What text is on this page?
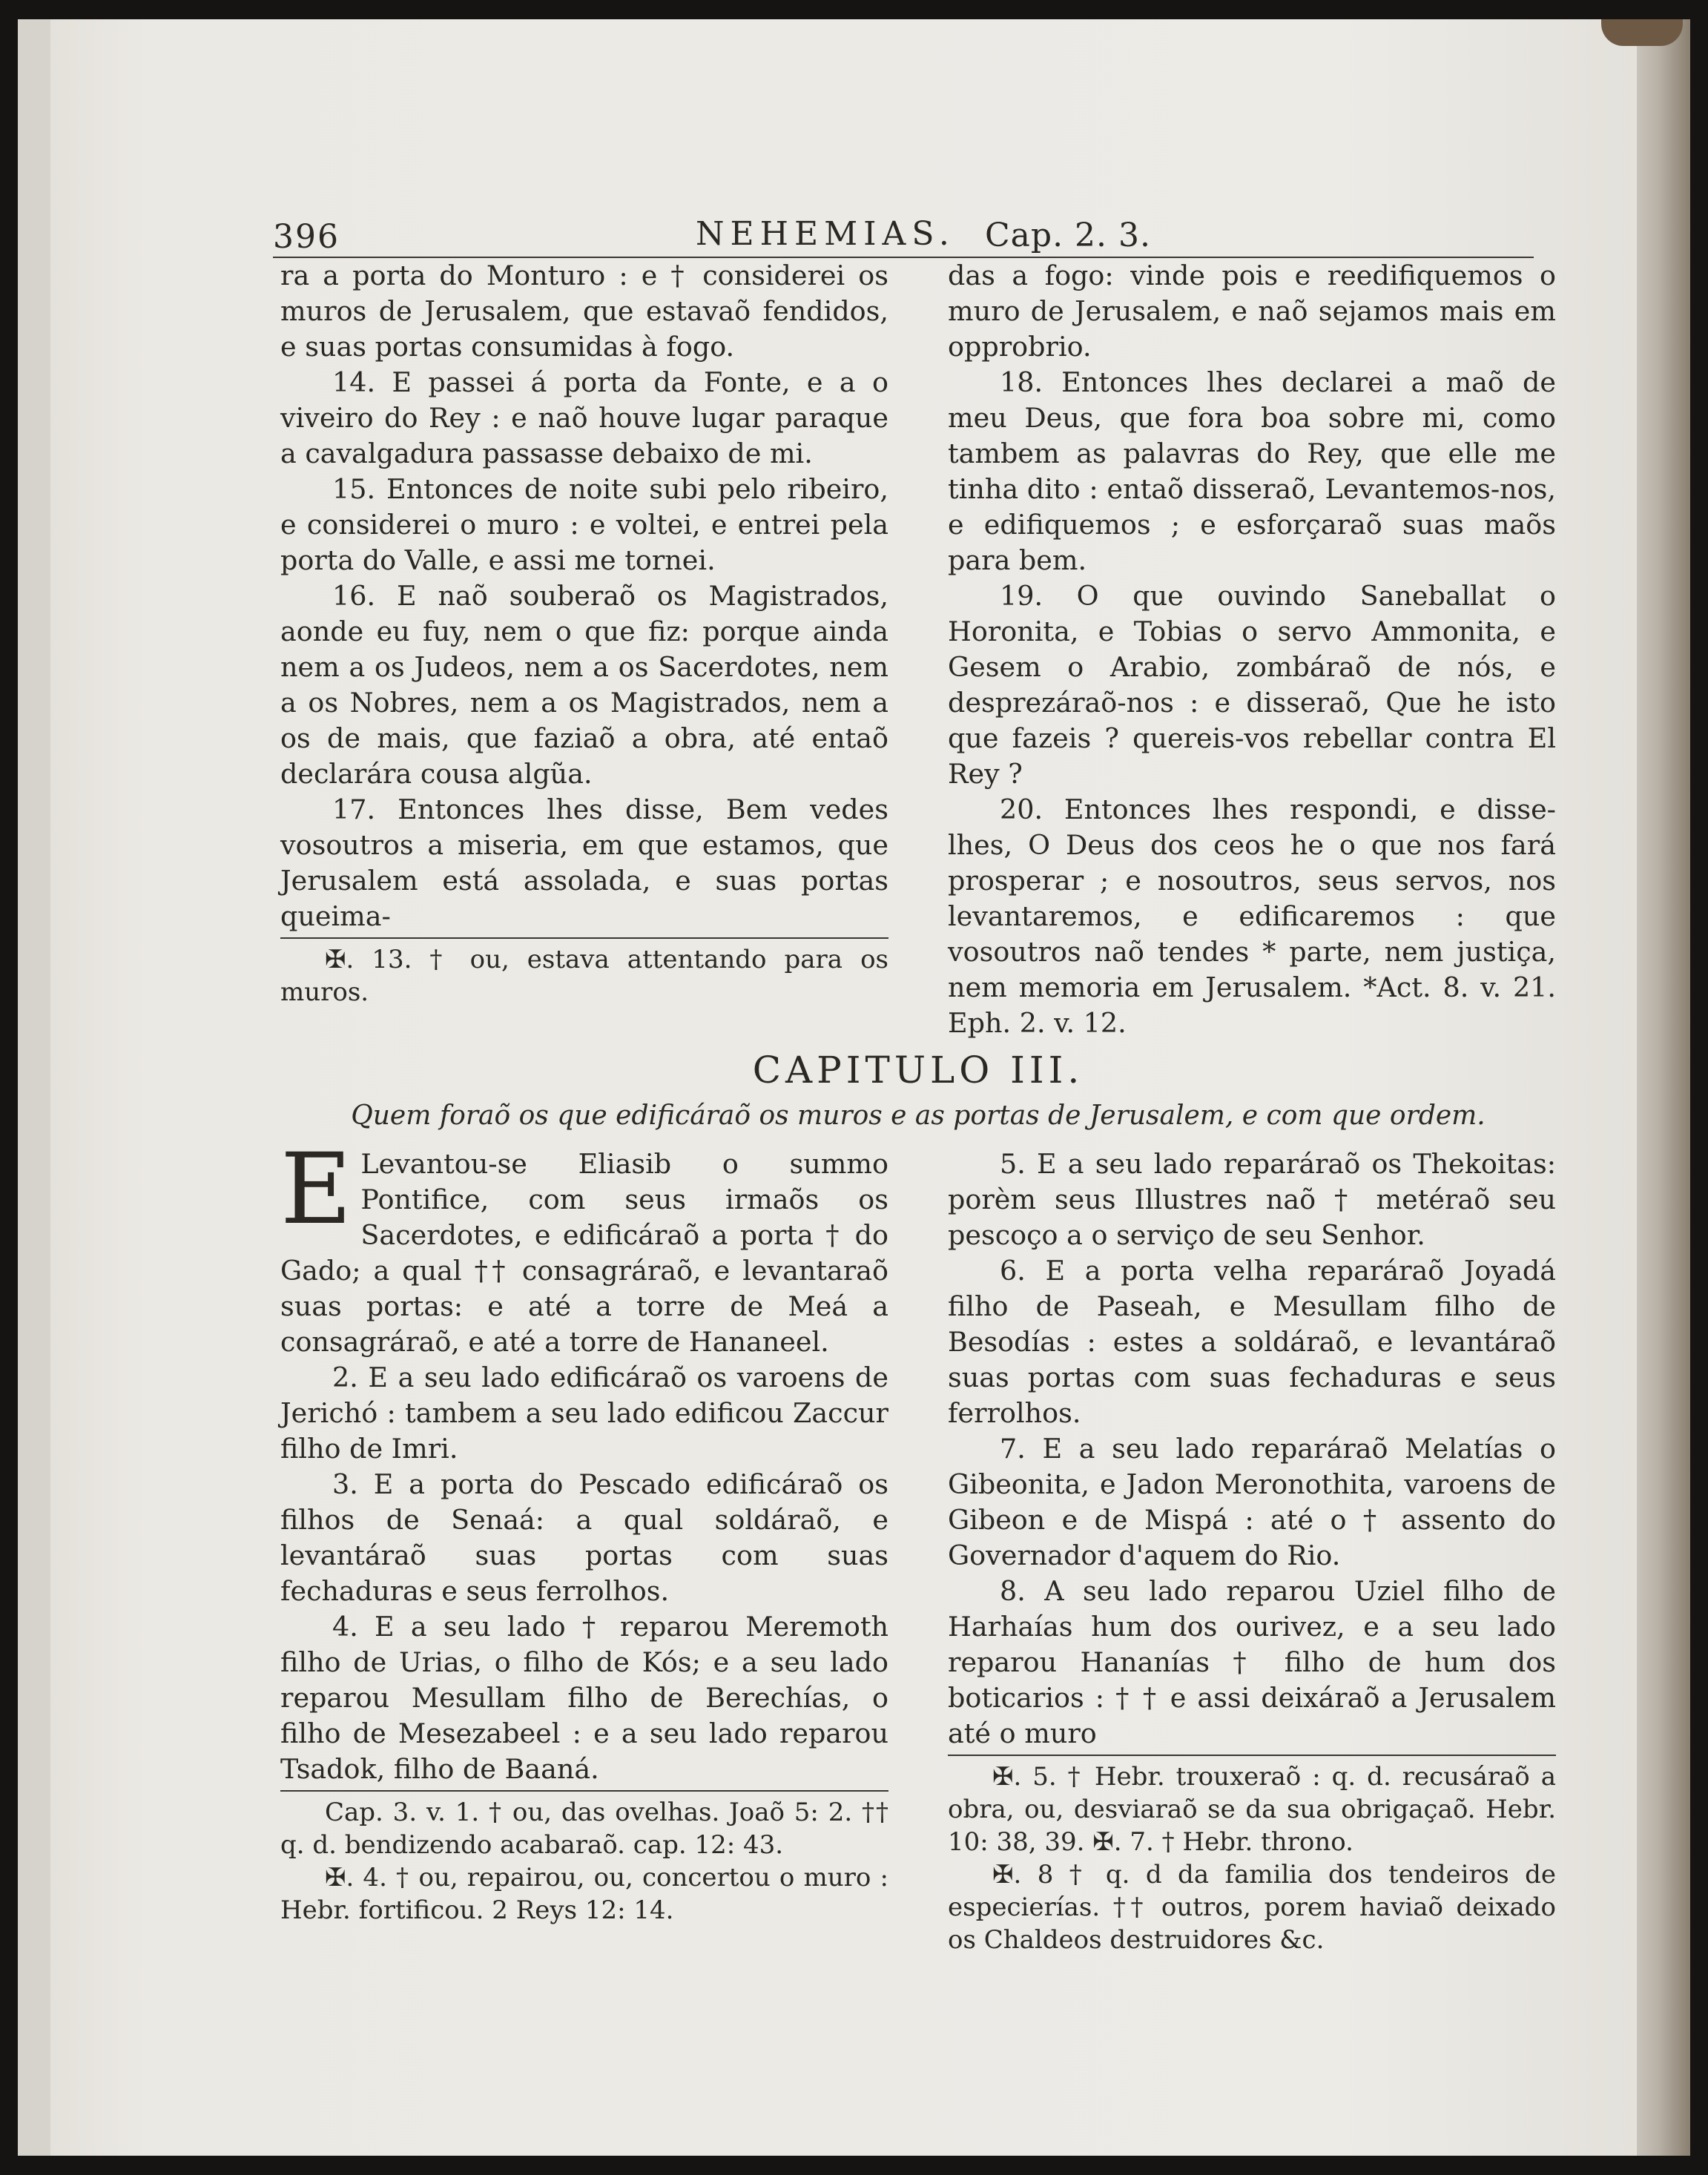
396	NEHEMIAS. Cap. 2. 3.

ra a porta do Monturo : e † considerei os muros de Jerusalem, que estavaõ fendidos, e suas portas consumidas à fogo.

14. E passei á porta da Fonte, e a o viveiro do Rey : e naõ houve lugar paraque a cavalgadura passasse debaixo de mi.

15. Entonces de noite subi pelo ribeiro, e considerei o muro : e voltei, e entrei pela porta do Valle, e assi me tornei.

16. E naõ souberaõ os Magistrados, aonde eu fuy, nem o que fiz: porque ainda nem a os Judeos, nem a os Sacerdotes, nem a os Nobres, nem a os Magistrados, nem a os de mais, que faziaõ a obra, até entaõ declarára cousa algũa.

17. Entonces lhes disse, Bem vedes vosoutros a miseria, em que estamos, que Jerusalem está assolada, e suas portas queima-

✠. 13. † ou, estava attentando para os muros.

das a fogo: vinde pois e reedifiquemos o muro de Jerusalem, e naõ sejamos mais em opprobrio.

18. Entonces lhes declarei a maõ de meu Deus, que fora boa sobre mi, como tambem as palavras do Rey, que elle me tinha dito : entaõ disseraõ, Levantemos-nos, e edifiquemos ; e esforçaraõ suas maõs para bem.

19. O que ouvindo Saneballat o Horonita, e Tobias o servo Ammonita, e Gesem o Arabio, zombáraõ de nós, e desprezáraõ-nos : e disseraõ, Que he isto que fazeis ? quereis-vos rebellar contra El Rey ?

20. Entonces lhes respondi, e disse-lhes, O Deus dos ceos he o que nos fará prosperar ; e nosoutros, seus servos, nos levantaremos, e edificaremos : que vosoutros naõ tendes * parte, nem justiça, nem memoria em Jerusalem. *Act. 8. v. 21. Eph. 2. v. 12.

CAPITULO III.
Quem foraõ os que edificáraõ os muros e as portas de Jerusalem, e com que ordem.

E Levantou-se Eliasib o summo Pontifice, com seus irmaõs os Sacerdotes, e edificáraõ a porta † do Gado; a qual †† consagráraõ, e levantaraõ suas portas: e até a torre de Meá a consagráraõ, e até a torre de Hananeel.

2. E a seu lado edificáraõ os varoens de Jerichó : tambem a seu lado edificou Zaccur filho de Imri.

3. E a porta do Pescado edificáraõ os filhos de Senaá: a qual soldáraõ, e levantáraõ suas portas com suas fechaduras e seus ferrolhos.

4. E a seu lado † reparou Meremoth filho de Urias, o filho de Kós; e a seu lado reparou Mesullam filho de Berechías, o filho de Mesezabeel : e a seu lado reparou Tsadok, filho de Baaná.

Cap. 3. v. 1. † ou, das ovelhas. Joaõ 5: 2. †† q. d. bendizendo acabaraõ. cap. 12: 43.

✠. 4. † ou, repairou, ou, concertou o muro : Hebr. fortificou. 2 Reys 12: 14.

5. E a seu lado reparáraõ os Thekoitas: porèm seus Illustres naõ † metéraõ seu pescoço a o serviço de seu Senhor.

6. E a porta velha reparáraõ Joyadá filho de Paseah, e Mesullam filho de Besodías : estes a soldáraõ, e levantáraõ suas portas com suas fechaduras e seus ferrolhos.

7. E a seu lado reparáraõ Melatías o Gibeonita, e Jadon Meronothita, varoens de Gibeon e de Mispá : até o † assento do Governador d'aquem do Rio.

8. A seu lado reparou Uziel filho de Harhaías hum dos ourivez, e a seu lado reparou Hananías † filho de hum dos boticarios : † † e assi deixáraõ a Jerusalem até o muro

✠. 5. † Hebr. trouxeraõ : q. d. recusáraõ a obra, ou, desviaraõ se da sua obrigaçaõ. Hebr. 10: 38, 39. ✠. 7. † Hebr. throno.

✠. 8 † q. d da familia dos tendeiros de especierías. †† outros, porem haviaõ deixado os Chaldeos destruidores &c.
